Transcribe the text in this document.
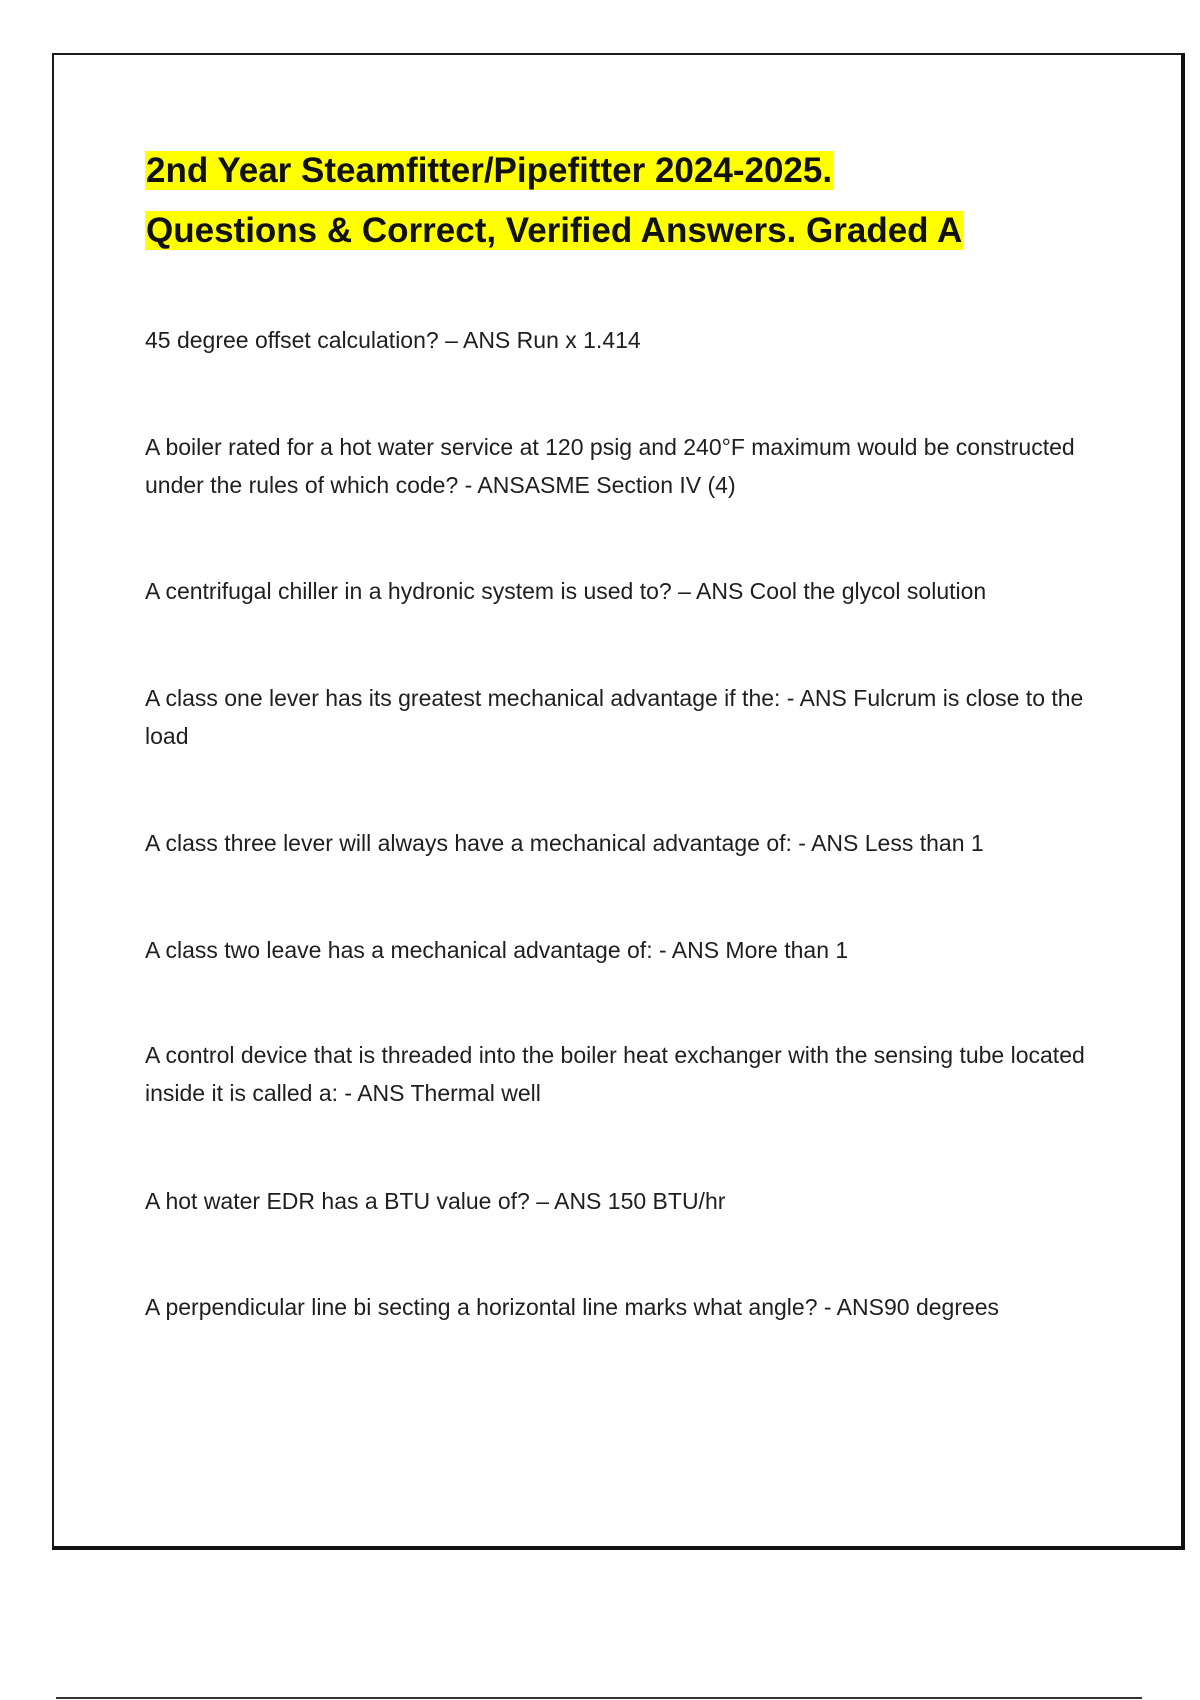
2nd Year Steamfitter/Pipefitter 2024-2025.
Questions & Correct, Verified Answers. Graded A

45 degree offset calculation? – ANS Run x 1.414

A boiler rated for a hot water service at 120 psig and 240°F maximum would be constructed under the rules of which code? - ANSASME Section IV (4)

A centrifugal chiller in a hydronic system is used to? – ANS Cool the glycol solution

A class one lever has its greatest mechanical advantage if the: - ANS Fulcrum is close to the load

A class three lever will always have a mechanical advantage of: - ANS Less than 1

A class two leave has a mechanical advantage of: - ANS More than 1

A control device that is threaded into the boiler heat exchanger with the sensing tube located inside it is called a: - ANS Thermal well

A hot water EDR has a BTU value of? – ANS 150 BTU/hr

A perpendicular line bi secting a horizontal line marks what angle? - ANS90 degrees
